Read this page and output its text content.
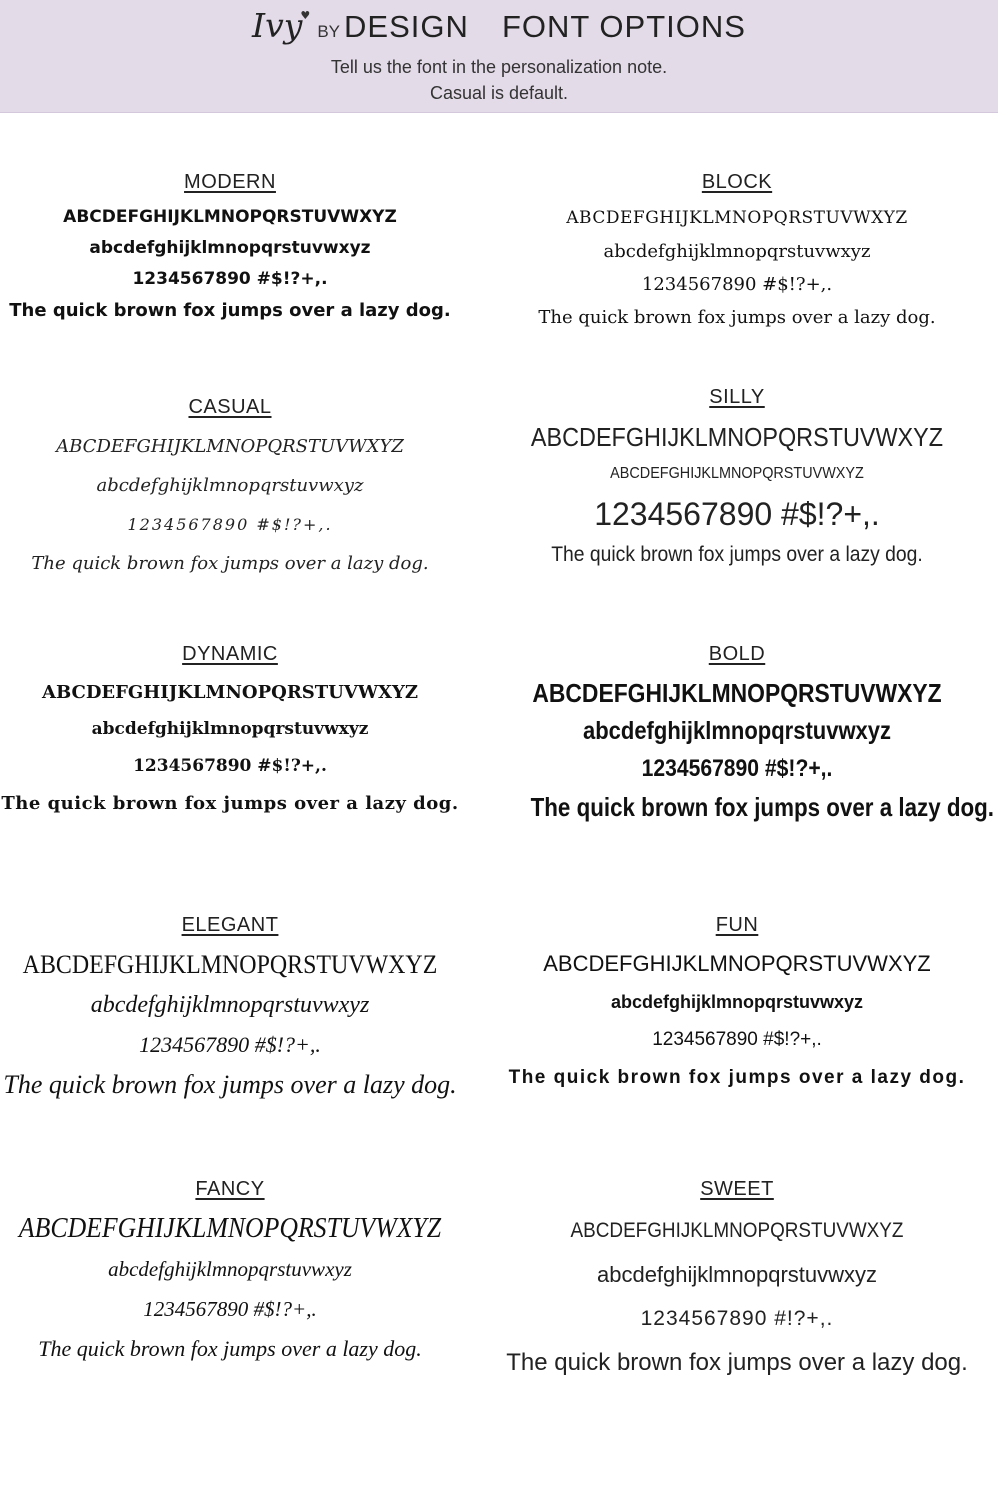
Ivy♥ BY DESIGN FONT OPTIONS
Tell us the font in the personalization note.
Casual is default.
MODERN
ABCDEFGHIJKLMNOPQRSTUVWXYZ
abcdefghijklmnopqrstuvwxyz
1234567890 #$!?+,.
The quick brown fox jumps over a lazy dog.
BLOCK
ABCDEFGHIJKLMNOPQRSTUVWXYZ
abcdefghijklmnopqrstuvwxyz
1234567890 #$!?+,.
The quick brown fox jumps over a lazy dog.
CASUAL
ABCDEFGHIJKLMNOPQRSTUVWXYZ
abcdefghijklmnopqrstuvwxyz
1234567890 #$!?+,.
The quick brown fox jumps over a lazy dog.
SILLY
ABCDEFGHIJKLMNOPQRSTUVWXYZ
ABCDEFGHIJKLMNOPQRSTUVWXYZ
1234567890 #$!?+,.
The quick brown fox jumps over a lazy dog.
DYNAMIC
ABCDEFGHIJKLMNOPQRSTUVWXYZ
abcdefghijklmnopqrstuvwxyz
1234567890 #$!?+,.
The quick brown fox jumps over a lazy dog.
BOLD
ABCDEFGHIJKLMNOPQRSTUVWXYZ
abcdefghijklmnopqrstuvwxyz
1234567890 #$!?+,.
The quick brown fox jumps over a lazy dog.
ELEGANT
ABCDEFGHIJKLMNOPQRSTUVWXYZ
abcdefghijklmnopqrstuvwxyz
1234567890 #$!?+,.
The quick brown fox jumps over a lazy dog.
FUN
ABCDEFGHIJKLMNOPQRSTUVWXYZ
abcdefghijklmnopqrstuvwxyz
1234567890 #$!?+,.
The quick brown fox jumps over a lazy dog.
FANCY
ABCDEFGHIJKLMNOPQRSTUVWXYZ
abcdefghijklmnopqrstuvwxyz
1234567890 #$!?+,.
The quick brown fox jumps over a lazy dog.
SWEET
ABCDEFGHIJKLMNOPQRSTUVWXYZ
abcdefghijklmnopqrstuvwxyz
1234567890 #!?+,.
The quick brown fox jumps over a lazy dog.
